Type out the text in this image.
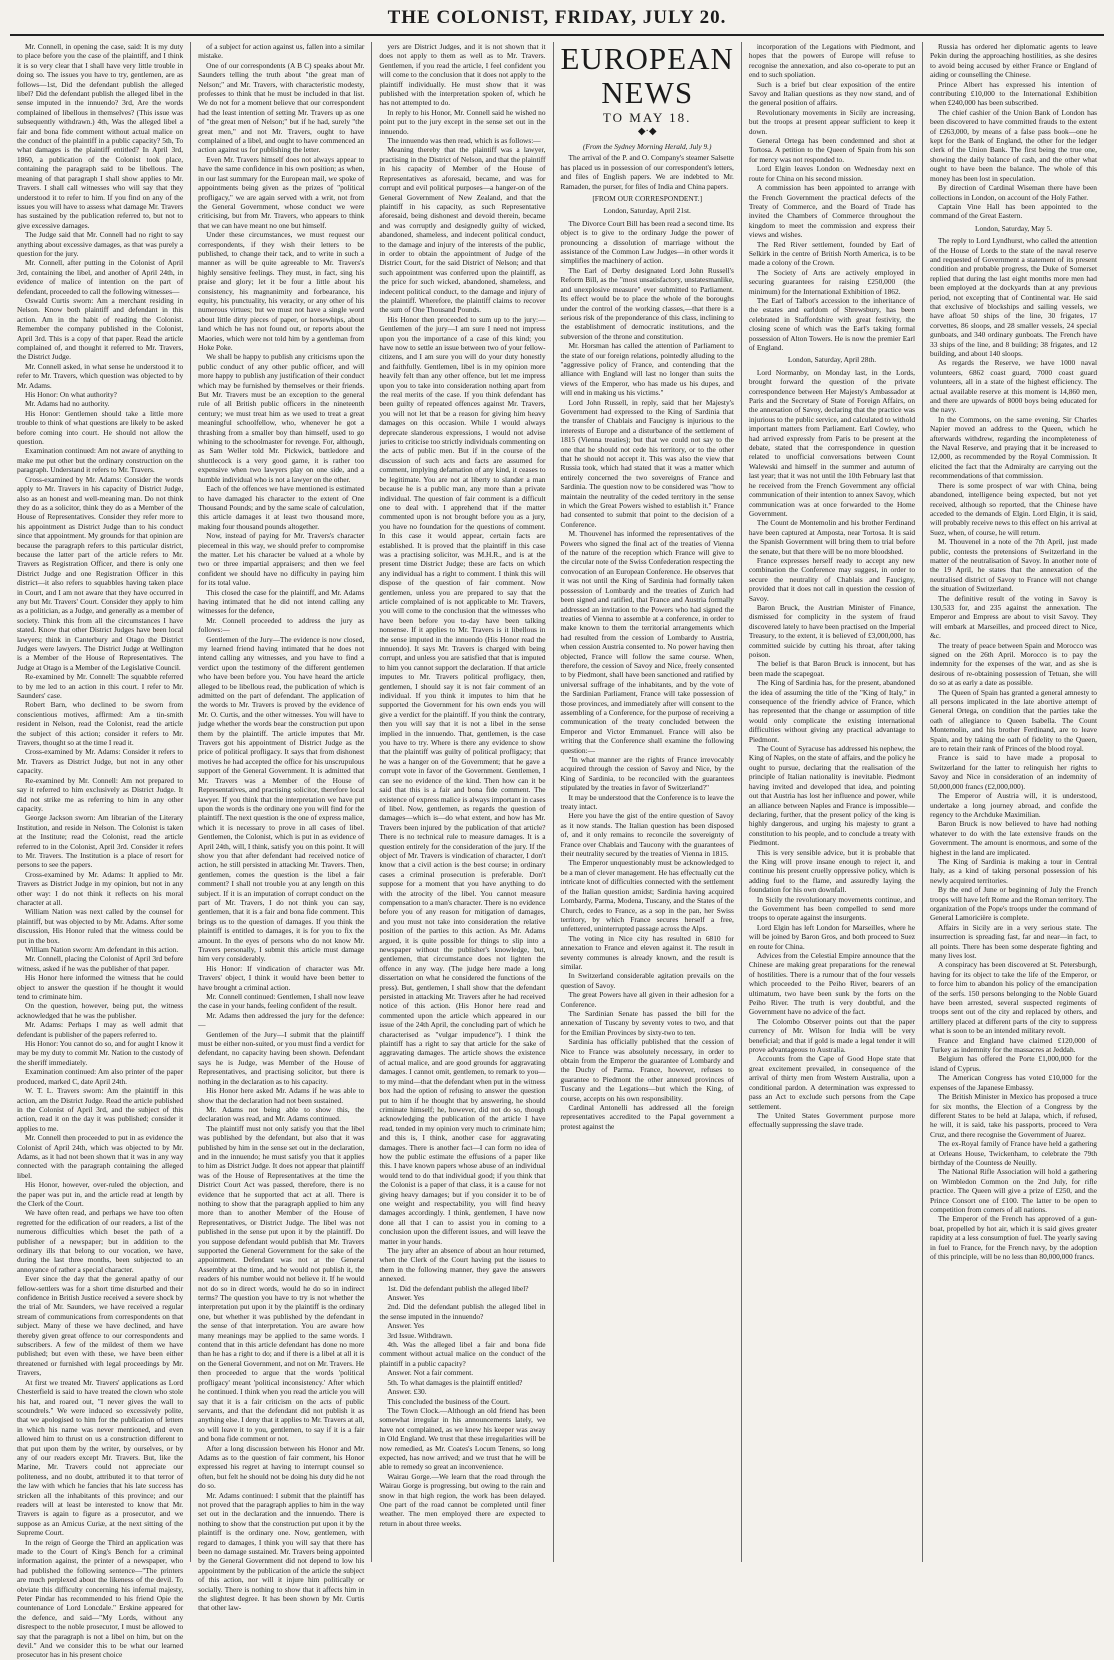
THE COLONIST, FRIDAY, JULY 20.

Mr. Connell, in opening the case, said: It is my duty to place before you the case of the plaintiff, and I think it is so very clear that I shall have very little trouble in doing so. The issues you have to try, gentlemen, are as follows—1st, Did the defendant publish the alleged libel? Did the defendant publish the alleged libel in the sense imputed in the innuendo? 3rd, Are the words complained of libellous in themselves? (This issue was subsequently withdrawn.) 4th, Was the alleged libel a fair and bona fide comment without actual malice on the conduct of the plaintiff in a public capacity? 5th, To what damages is the plaintiff entitled? In April 3rd, 1860, a publication of the Colonist took place, containing the paragraph said to be libellous. The meaning of that paragraph I shall show applies to Mr. Travers. I shall call witnesses who will say that they understood it to refer to him. If you find on any of the issues you will have to assess what damage Mr. Travers has sustained by the publication referred to, but not to give excessive damages.

The Judge said that Mr. Connell had no right to say anything about excessive damages, as that was purely a question for the jury.

Mr. Connell, after putting in the Colonist of April 3rd, containing the libel, and another of April 24th, in evidence of malice of intention on the part of defendant, proceeded to call the following witnesses—

Oswald Curtis sworn: Am a merchant residing in Nelson. Know both plaintiff and defendant in this action. Am in the habit of reading the Colonist. Remember the company published in the Colonist, April 3rd. This is a copy of that paper. Read the article complained of, and thought it referred to Mr. Travers, the District Judge.

Mr. Connell asked, in what sense he understood it to refer to Mr. Travers, which question was objected to by Mr. Adams.

His Honor: On what authority?

Mr. Adams had no authority.

His Honor: Gentlemen should take a little more trouble to think of what questions are likely to be asked before coming into court. He should not allow the question.

Examination continued: Am not aware of anything to make me put other but the ordinary construction on the paragraph. Understand it refers to Mr. Travers.

Cross-examined by Mr. Adams: Consider the words apply to Mr. Travers in his capacity of District Judge, also as an honest and well-meaning man. Do not think they do as a solicitor, think they do as a Member of the House of Representatives. Consider they refer more to his appointment as District Judge than to his conduct since that appointment. My grounds for that opinion are because the paragraph refers to this particular district, because the latter part of the article refers to Mr. Travers as Registration Officer, and there is only one District Judge and one Registration Officer in this district—it also refers to squabbles having taken place in Court, and I am not aware that they have occurred in any but Mr. Travers' Court. Consider they apply to him as a politician, as a Judge, and generally as a member of society. Think this from all the circumstances I have stated. Know that other District Judges have been local lawyers; think in Canterbury and Otago the District Judges were lawyers. The District Judge at Wellington is a Member of the House of Representatives. The Judge at Otago is a Member of the Legislative Council.

Re-examined by Mr. Connell: The squabble referred to by me led to an action in this court. I refer to Mr. Saunders' case.

Robert Barn, who declined to be sworn from conscientious motives, affirmed: Am a tin-smith resident in Nelson, read the Colonist, read the article the subject of this action; consider it refers to Mr. Travers, thought so at the time I read it.

Cross-examined by Mr. Adams: Consider it refers to Mr. Travers as District Judge, but not in any other capacity.

Re-examined by Mr. Connell: Am not prepared to say it referred to him exclusively as District Judge. It did not strike me as referring to him in any other capacity.

George Jackson sworn: Am librarian of the Literary Institution, and reside in Nelson. The Colonist is taken at the Institute; read the Colonist, read the article referred to in the Colonist, April 3rd. Consider it refers to Mr. Travers. The Institution is a place of resort for persons to see the papers.

Cross-examined by Mr. Adams: It applied to Mr. Travers as District Judge in my opinion, but not in any other way: I do not think it reflects on his moral character at all.

William Nation was next called by the counsel for plaintiff, but was objected to by Mr. Adams. After some discussion, His Honor ruled that the witness could be put in the box.

William Nation sworn: Am defendant in this action.

Mr. Connell, placing the Colonist of April 3rd before witness, asked if he was the publisher of that paper.

His Honor here informed the witness that he could object to answer the question if he thought it would tend to criminate him.

On the question, however, being put, the witness acknowledged that he was the publisher.

Mr. Adams: Perhaps I may as well admit that defendant is publisher of the papers referred to.

His Honor: You cannot do so, and for aught I know it may be my duty to commit Mr. Nation to the custody of the sheriff immediately.

Examination continued: Am also printer of the paper produced, marked C, date April 24th.

W. T. L. Travers sworn: Am the plaintiff in this action, am the District Judge. Read the article published in the Colonist of April 3rd, and the subject of this action, read it on the day it was published; consider it applies to me.

Mr. Connell then proceeded to put in as evidence the Colonist of April 24th, which was objected to by Mr. Adams, as it had not been shown that it was in any way connected with the paragraph containing the alleged libel.

His Honor, however, over-ruled the objection, and the paper was put in, and the article read at length by the Clerk of the Court.

We have often read, and perhaps we have too often regretted for the edification of our readers, a list of the numerous difficulties which beset the path of a publisher of a newspaper; but in addition to the ordinary ills that belong to our vocation, we have, during the last three months, been subjected to an annoyance of rather a special character.

Ever since the day that the general apathy of our fellow-settlers was for a short time disturbed and their confidence in British Justice received a severe shock by the trial of Mr. Saunders, we have received a regular stream of communications from correspondents on that subject. Many of these we have declined, and have thereby given great offence to our correspondents and subscribers. A few of the mildest of them we have published; but even with these, we have been either threatened or furnished with legal proceedings by Mr. Travers,

At first we treated Mr. Travers' applications as Lord Chesterfield is said to have treated the clown who stole his hat, and roared out, "I never gives the wall to scoundrels." We were induced so excessively polite, that we apologised to him for the publication of letters in which his name was never mentioned, and even allowed him to thrust on us a construction different to that put upon them by the writer, by ourselves, or by any of our readers except Mr. Travers. But, like the Marine, Mr. Travers could not appreciate our politeness, and no doubt, attributed it to that terror of the law with which he fancies that his late success has stricken all the inhabitants of this province; and our readers will at least be interested to know that Mr. Travers is again to figure as a prosecutor, and we suppose as an Amicus Curiæ, at the next sitting of the Supreme Court.

In the reign of George the Third an application was made to the Court of King's Bench for a criminal information against, the printer of a newspaper, who had published the following sentence—"The printers are much perplexed about the likeness of the devil. To obviate this difficulty concerning his infernal majesty, Peter Pindar has recommended to his friend Opie the countenance of Lord Loncdale." Erskine appeared for the defence, and said—"My Lords, without any disrespect to the noble prosecutor, I must be allowed to say that the paragraph is not a libel on him, but on the devil." And we consider this to be what our learned prosecutor has in his present choice

of a subject for action against us, fallen into a similar mistake.

One of our correspondents (A B C) speaks about Mr. Saunders telling the truth about "the great man of Nelson;" and Mr. Travers, with characteristic modesty, professes to think that he must be included in that list. We do not for a moment believe that our correspondent had the least intention of setting Mr. Travers up as one of "the great men of Nelson;" but if he had, surely "the great men," and not Mr. Travers, ought to have complained of a libel, and ought to have commenced an action against us for publishing the letter.

Even Mr. Travers himself does not always appear to have the same confidence in his own position; as when, in our last summary for the European mail, we spoke of appointments being given as the prizes of "political profligacy," we are again served with a writ, not from the General Government, whose conduct we were criticising, but from Mr. Travers, who appears to think that we can have meant no one but himself.

Under these circumstances, we must request our correspondents, if they wish their letters to be published, to change their tack, and to write in such a manner as will be quite agreeable to Mr. Travers's highly sensitive feelings. They must, in fact, sing his praise and glory; let it be four a little about his consistency, his magnanimity and forbearance, his equity, his punctuality, his veracity, or any other of his numerous virtues; but we must not have a single word about little dirty pieces of paper, or horsewhips, about land which he has not found out, or reports about the Maories, which were not told him by a gentleman from Hoke Poke.

We shall be happy to publish any criticisms upon the public conduct of any other public officer, and will more happy to publish any justification of their conduct which may be furnished by themselves or their friends. But Mr. Travers must be an exception to the general rule of all British public officers in the nineteenth century; we must treat him as we used to treat a great meaningful schoolfellow, who, whenever he got a thrashing from a smaller boy than himself, used to go whining to the schoolmaster for revenge. For, although, as Sam Weller told Mr. Pickwick, battledore and shuttlecock is a very good game, it is rather too expensive when two lawyers play on one side, and a humble individual who is not a lawyer on the other.

Each of the offences we have mentioned is estimated to have damaged his character to the extent of One Thousand Pounds; and by the same scale of calculation, this article damages it at least two thousand more, making four thousand pounds altogether.

Now, instead of paying for Mr. Travers's character piecemeal in this way, we should prefer to compromise the matter. Let his character be valued at a whole by two or three impartial appraisers; and then we feel confident we should have no difficulty in paying him for its total value.

This closed the case for the plaintiff, and Mr. Adams having intimated that he did not intend calling any witnesses for the defence,

Mr. Connell proceeded to address the jury as follows:—

Gentlemen of the Jury—The evidence is now closed, my learned friend having intimated that he does not intend calling any witnesses, and you have to find a verdict upon the testimony of the different gentlemen who have been before you. You have heard the article alleged to be libellous read, the publication of which is admitted on the part of defendant. The application of the words to Mr. Travers is proved by the evidence of Mr. O. Curtis, and the other witnesses. You will have to judge whether the words bear the construction put upon them by the plaintiff. The article imputes that Mr. Travers got his appointment of District Judge as the price of political profligacy. It says that from dishonest motives he had accepted the office for his unscrupulous support of the General Government. It is admitted that Mr. Travers was a Member of the House of Representatives, and practising solicitor, therefore local lawyer. If you think that the interpretation we have put upon the words is the ordinary one you will find for the plaintiff. The next question is the one of express malice, which it is necessary to prove in all cases of libel. Gentlemen, the Colonist, which is put in as evidence of April 24th, will, I think, satisfy you on this point. It will show you that after defendant had received notice of action, he still persisted in attacking Mr. Travers. Then, gentlemen, comes the question is the libel a fair comment? I shall not trouble you at any length on this subject. If it is an imputation of corrupt conduct on the part of Mr. Travers, I do not think you can say, gentlemen, that it is a fair and bona fide comment. This brings us to the question of damages. If you think the plaintiff is entitled to damages, it is for you to fix the amount. In the eyes of persons who do not know Mr. Travers personally, I submit this article must damage him very considerably.

His Honor: If vindication of character was Mr. Travers' object, I think it would have been better to have brought a criminal action.

Mr. Connell continued: Gentlemen, I shall now leave the case in your hands, feeling confident of the result.

Mr. Adams then addressed the jury for the defence:—

Gentlemen of the Jury—I submit that the plaintiff must be either non-suited, or you must find a verdict for defendant, no capacity having been shown. Defendant says he is Judge, was Member of the House of Representatives, and practising solicitor, but there is nothing in the declaration as to his capacity.

His Honor here asked Mr. Adams if he was able to show that the declaration had not been sustained.

Mr. Adams not being able to show this, the declaration was read, and Mr. Adams continued.

The plaintiff must not only satisfy you that the libel was published by the defendant, but also that it was published by him in the sense set out in the declaration, and in the innuendo; he must satisfy you that it applies to him as District Judge. It does not appear that plaintiff was of the House of Representatives at the time the District Court Act was passed, therefore, there is no evidence that he supported that act at all. There is nothing to show that the paragraph applied to him any more than to another Member of the House of Representatives, or District Judge. The libel was not published in the sense put upon it by the plaintiff. Do you suppose defendant would publish that Mr. Travers supported the General Government for the sake of the appointment. Defendant was not at the General Assembly at the time, and he would not publish it, the readers of his number would not believe it. If he would not do so in direct words, would he do so in indirect terms? The question you have to try is not whether the interpretation put upon it by the plaintiff is the ordinary one, but whether it was published by the defendant in the sense of that interpretation. You are aware how many meanings may be applied to the same words. I contend that in this article defendant has done no more than he has a right to do; and if there is a libel at all it is on the General Government, and not on Mr. Travers. He then proceeded to argue that the words 'political profligacy' meant 'political inconsistency.' After which he continued. I think when you read the article you will say that it is a fair criticism on the acts of public servants, and that the defendant did not publish it as anything else. I deny that it applies to Mr. Travers at all, so will leave it to you, gentlemen, to say if it is a fair and bona fide comment or not.

After a long discussion between his Honor and Mr. Adams as to the question of fair comment, his Honor expressed his regret at having to interrupt counsel so often, but felt he should not be doing his duty did he not do so.

Mr. Adams continued: I submit that the plaintiff has not proved that the paragraph applies to him in the way set out in the declaration and the innuendo. There is nothing to show that the construction put upon it by the plaintiff is the ordinary one. Now, gentlemen, with regard to damages, I think you will say that there has been no damage sustained. Mr. Travers being appointed by the General Government did not depend to low his appointment by the publication of the article the subject of this action, nor will it injure him politically or socially. There is nothing to show that it affects him in the slightest degree. It has been shown by Mr. Curtis that other law-

yers are District Judges, and it is not shown that it does not apply to them as well as to Mr. Travers. Gentlemen, if you read the article, I feel confident you will come to the conclusion that it does not apply to the plaintiff individually. He must show that it was published with the interpretation spoken of, which he has not attempted to do.

In reply to his Honor, Mr. Connell said he wished no point put to the jury except in the sense set out in the innuendo.

The innuendo was then read, which is as follows:—

Meaning thereby that the plaintiff was a lawyer, practising in the District of Nelson, and that the plaintiff in his capacity of Member of the House of Representatives as aforesaid, became, and was for corrupt and evil political purposes—a hanger-on of the General Government of New Zealand, and that the plaintiff in his capacity, as such Representative aforesaid, being dishonest and devoid therein, became and was corruptly and designedly guilty of wicked, abandoned, shameless, and indecent political conduct, to the damage and injury of the interests of the public, in order to obtain the appointment of Judge of the District Court, for the said District of Nelson; and that such appointment was conferred upon the plaintiff, as the price for such wicked, abandoned, shameless, and indecent political conduct, to the damage and injury of the plaintiff. Wherefore, the plaintiff claims to recover the sum of One Thousand Pounds.

His Honor then proceeded to sum up to the jury:—Gentlemen of the jury—I am sure I need not impress upon you the importance of a case of this kind; you have now to settle an issue between two of your fellow-citizens, and I am sure you will do your duty honestly and faithfully. Gentlemen, libel is in my opinion more heavily felt than any other offence, but let me impress upon you to take into consideration nothing apart from the real merits of the case. If you think defendant has been guilty of repeated offences against Mr. Travers, you will not let that be a reason for giving him heavy damages on this occasion. While I would always deprecate slanderous expressions, I would not advise juries to criticise too strictly individuals commenting on the acts of public men. But if in the course of the discussion of such acts and facts are assumed for comment, implying defamation of any kind, it ceases to be legitimate. You are not at liberty to slander a man because he is a public man, any more than a private individual. The question of fair comment is a difficult one to deal with. I apprehend that if the matter commented upon is not brought before you as a jury, you have no foundation for the questions of comment. In this case it would appear, certain facts are established. It is proved that the plaintiff in this case was a practising solicitor, was M.H.R., and is at the present time District Judge; these are facts on which any individual has a right to comment. I think this will dispose of the question of fair comment. Now gentlemen, unless you are prepared to say that the article complained of is not applicable to Mr. Travers, you will come to the conclusion that the witnesses who have been before you to-day have been talking nonsense. If it applies to Mr. Travers is it libellous in the sense imputed in the innuendo (His Honor read the innuendo). It says Mr. Travers is charged with being corrupt, and unless you are satisfied that that is imputed to him you cannot support the declaration. If that article imputes to Mr. Travers political profligacy, then, gentlemen, I should say it is not fair comment of an individual. If you think it imputes to him that he supported the Government for his own ends you will give a verdict for the plaintiff. If you think the contrary, then you will say that it is not a libel in the sense implied in the innuendo. That, gentlemen, is the case you have to try. Where is there any evidence to show that the plaintiff was guilty of political profligacy; that he was a hanger on of the Government; that he gave a corrupt vote in favor of the Government. Gentlemen, I can see no evidence of the kind. Then how can it be said that this is a fair and bona fide comment. The existence of express malice is always important in cases of libel. Now, gentlemen, as regards the question of damages—which is—do what extent, and how has Mr. Travers been injured by the publication of that article? There is no technical rule to measure damages. It is a question entirely for the consideration of the jury. If the object of Mr. Travers is vindication of character, I don't know that a civil action is the best course; in ordinary cases a criminal prosecution is preferable. Don't suppose for a moment that you have anything to do with the atrocity of the libel. You cannot measure compensation to a man's character. There is no evidence before you of any reason for mitigation of damages, and you must not take into consideration the relative position of the parties to this action. As Mr. Adams argued, it is quite possible for things to slip into a newspaper without the publisher's knowledge, but, gentlemen, that circumstance does not lighten the offence in any way. (The judge here made a long dissertation on what he considered the functions of the press). But, gentlemen, I shall show that the defendant persisted in attacking Mr. Travers after he had received notice of this action. (His Honor here read and commented upon the article which appeared in our issue of the 24th April, the concluding part of which he characterised as "vulgar impudence"). I think the plaintiff has a right to say that article for the sake of aggravating damages. The article shows the existence of actual malice, and are good grounds for aggravating damages. I cannot omit, gentlemen, to remark to you—to my mind—that the defendant when put in the witness box had the option of refusing to answer the question put to him if he thought that by answering, he should criminate himself; he, however, did not do so, though acknowledging the publication of the article I have read, tended in my opinion very much to criminate him; and this is, I think, another case for aggravating damages. There is another fact—I can form no idea of how the public estimate the effusions of a paper like this. I have known papers whose abuse of an individual would tend to do that individual good; if you think that the Colonist is a paper of that class, it is a cause for not giving heavy damages; but if you consider it to be of one weight and respectability, you will find heavy damages accordingly. I think, gentlemen, I have now done all that I can to assist you in coming to a conclusion upon the different issues, and will leave the matter in your hands.

The jury after an absence of about an hour returned, when the Clerk of the Court having put the issues to them in the following manner, they gave the answers annexed.

1st. Did the defendant publish the alleged libel?

Answer. Yes

2nd. Did the defendant publish the alleged libel in the sense imputed in the innuendo?

Answer. Yes

3rd Issue. Withdrawn.

4th. Was the alleged libel a fair and bona fide comment without actual malice on the conduct of the plaintiff in a public capacity?

Answer. Not a fair comment.

5th. To what damages is the plaintiff entitled?

Answer. £30.

This concluded the business of the Court.

The Town Clock.—Although an old friend has been somewhat irregular in his announcements lately, we have not complained, as we knew his keeper was away in Old England. We trust that these irregularities will be now remedied, as Mr. Coates's Locum Tenens, so long expected, has now arrived; and we trust that he will be able to remedy so great an inconvenience.

Wairau Gorge.—We learn that the road through the Wairau Gorge is progressing, but owing to the rain and snow in that high region, the work has been delayed. One part of the road cannot be completed until finer weather. The men employed there are expected to return in about three weeks.

EUROPEAN NEWS
TO MAY 18.
◆·◆

(From the Sydney Morning Herald, July 9.)

The arrival of the P. and O. Company's steamer Salsette has placed us in possession of our correspondent's letters, and files of English papers. We are indebted to Mr. Ramaden, the purser, for files of India and China papers.

[FROM OUR CORRESPONDENT.]

London, Saturday, April 21st.

The Divorce Court Bill has been read a second time. Its object is to give to the ordinary Judge the power of pronouncing a dissolution of marriage without the assistance of the Common Law Judges—in other words it simplifies the machinery of action.

The Earl of Derby designated Lord John Russell's Reform Bill, as the "most unsatisfactory, unstatesmanlike, and unexplosive measure" ever submitted to Parliament. Its effect would be to place the whole of the boroughs under the control of the working classes,—that there is a serious risk of the preponderance of this class, inclining to the establishment of democratic institutions, and the subversion of the throne and constitution.

Mr. Horsman has called the attention of Parliament to the state of our foreign relations, pointedly alluding to the "aggressive policy of France, and contending that the alliance with England will last no longer than suits the views of the Emperor, who has made us his dupes, and will end in making us his victims."

Lord John Russell, in reply, said that her Majesty's Government had expressed to the King of Sardinia that the transfer of Chablais and Faucigny is injurious to the interests of Europe and a disturbance of the settlement of 1815 (Vienna treaties); but that we could not say to the one that he should not cede his territory, or to the other that he should not accept it. This was also the view that Russia took, which had stated that it was a matter which entirely concerned the two sovereigns of France and Sardinia. The question now to be considered was "how to maintain the neutrality of the ceded territory in the sense in which the Great Powers wished to establish it." France had consented to submit that point to the decision of a Conference.

M. Thouvenel has informed the representatives of the Powers who signed the final act of the treaties of Vienna of the nature of the reception which France will give to the circular note of the Swiss Confederation respecting the convocation of an European Conference. He observes that it was not until the King of Sardinia had formally taken possession of Lombardy and the treaties of Zurich had been signed and ratified, that France and Austria formally addressed an invitation to the Powers who had signed the treaties of Vienna to assemble at a conference, in order to make known to them the territorial arrangements which had resulted from the cession of Lombardy to Austria, when cession Austria consented to. No power having then objected, France will follow the same course. When, therefore, the cession of Savoy and Nice, freely consented to by Piedmont, shall have been sanctioned and ratified by universal suffrage of the inhabitants, and by the vote of the Sardinian Parliament, France will take possession of those provinces, and immediately after will consent to the assembling of a Conference, for the purpose of receiving a communication of the treaty concluded between the Emperor and Victor Emmanuel. France will also be writing that the Conference shall examine the following question:—

"In what manner are the rights of France irrevocably acquired through the cession of Savoy and Nice, by the King of Sardinia, to be reconciled with the guarantees stipulated by the treaties in favor of Switzerland?"

It may be understood that the Conference is to leave the treaty intact.

Here you have the gist of the entire question of Savoy as it now stands. The Italian question has been disposed of, and it only remains to reconcile the sovereignty of France over Chablais and Taucony with the guarantees of their neutrality secured by the treaties of Vienna in 1815.

The Emperor unquestionably must be acknowledged to be a man of clever management. He has effectually cut the intricate knot of difficulties connected with the settlement of the Italian question amidst; Sardinia having acquired Lombardy, Parma, Modena, Tuscany, and the States of the Church, cedes to France, as a sop in the pan, her Swiss territory, by which France secures herself a free, unfettered, uninterrupted passage across the Alps.

The voting in Nice city has resulted in 6810 for annexation to France and eleven against it. The result in seventy communes is already known, and the result is similar.

In Switzerland considerable agitation prevails on the question of Savoy.

The great Powers have all given in their adhesion for a Conference.

The Sardinian Senate has passed the bill for the annexation of Tuscany by seventy votes to two, and that for the Emilian Provinces by sixty-two to ten.

Sardinia has officially published that the cession of Nice to France was absolutely necessary, in order to obtain from the Emperor the guarantee of Lombardy and the Duchy of Parma. France, however, refuses to guarantee to Piedmont the other annexed provinces of Tuscany and the Legations—but which the King, of course, accepts on his own responsibility.

Cardinal Antonelli has addressed all the foreign representatives accredited to the Papal government a protest against the

incorporation of the Legations with Piedmont, and hopes that the powers of Europe will refuse to recognise the annexation, and also co-operate to put an end to such spoliation.

Such is a brief but clear exposition of the entire Savoy and Italian questions as they now stand, and of the general position of affairs.

Revolutionary movements in Sicily are increasing, but the troops at present appear sufficient to keep it down.

General Ortega has been condemned and shot at Tortosa. A petition to the Queen of Spain from his son for mercy was not responded to.

Lord Elgin leaves London on Wednesday next en route for China on his second mission.

A commission has been appointed to arrange with the French Government the practical defects of the Treaty of Commerce, and the Board of Trade has invited the Chambers of Commerce throughout the kingdom to meet the commission and express their views and wishes.

The Red River settlement, founded by Earl of Selkirk in the centre of British North America, is to be made a colony of the Crown.

The Society of Arts are actively employed in securing guarantees for raising £250,000 (the minimum) for the International Exhibition of 1862.

The Earl of Talbot's accession to the inheritance of the estates and earldom of Shrewsbury, has been celebrated in Staffordshire with great festivity, the closing scene of which was the Earl's taking formal possession of Alton Towers. He is now the premier Earl of England.

London, Saturday, April 28th.

Lord Normanby, on Monday last, in the Lords, brought forward the question of the private correspondence between Her Majesty's Ambassador at Paris and the Secretary of State of Foreign Affairs, on the annexation of Savoy, declaring that the practice was injurious to the public service, and calculated to withold important matters from Parliament. Earl Cowley, who had arrived expressly from Paris to be present at the debate, stated that the correspondence in question related to unofficial conversations between Count Walewski and himself in the summer and autumn of last year; that it was not until the 10th February last that he received from the French Government any official communication of their intention to annex Savoy, which communication was at once forwarded to the Home Government.

The Count de Montemolin and his brother Ferdinand have been captured at Amposta, near Tortosa. It is said the Spanish Government will bring them to trial before the senate, but that there will be no more bloodshed.

France expresses herself ready to accept any new combination the Conference may suggest, in order to secure the neutrality of Chablais and Faucigny, provided that it does not call in question the cession of Savoy.

Baron Bruck, the Austrian Minister of Finance, dismissed for complicity in the system of fraud discovered lately to have been practised on the Imperial Treasury, to the extent, it is believed of £3,000,000, has committed suicide by cutting his throat, after taking poison.

The belief is that Baron Bruck is innocent, but has been made the scapegoat.

The King of Sardinia has, for the present, abandoned the idea of assuming the title of the "King of Italy," in consequence of the friendly advice of France, which has represented that the change or assumption of title would only complicate the existing international difficulties without giving any practical advantage to Piedmont.

The Count of Syracuse has addressed his nephew, the King of Naples, on the state of affairs, and the policy he ought to pursue, declaring that the realisation of the principle of Italian nationality is inevitable. Piedmont having invited and developed that idea, and pointing out that Austria has lost her influence and power, while an alliance between Naples and France is impossible—declaring, further, that the present policy of the king is highly dangerous, and urging his majesty to grant a constitution to his people, and to conclude a treaty with Piedmont.

This is very sensible advice, but it is probable that the King will prove insane enough to reject it, and continue his present cruelly oppressive policy, which is adding fuel to the flame, and assuredly laying the foundation for his own downfall.

In Sicily the revolutionary movements continue, and the Government has been compelled to send more troops to operate against the insurgents.

Lord Elgin has left London for Marseilles, where he will be joined by Baron Gros, and both proceed to Suez en route for China.

Advices from the Celestial Empire announce that the Chinese are making great preparations for the renewal of hostilities. There is a rumour that of the four vessels which proceeded to the Peiho River, bearers of an ultimatum, two have been sunk by the forts on the Peiho River. The truth is very doubtful, and the Government have no advice of the fact.

The Colombo Observer points out that the paper currency of Mr. Wilson for India will be very beneficial; and that if gold is made a legal tender it will prove advantageous to Australia.

Accounts from the Cape of Good Hope state that great excitement prevailed, in consequence of the arrival of thirty men from Western Australia, upon a conditional pardon. A determination was expressed to pass an Act to exclude such persons from the Cape settlement.

The United States Government purpose more effectually suppressing the slave trade.

Russia has ordered her diplomatic agents to leave Pekin during the approaching hostilities, as she desires to avoid being accused by either France or England of aiding or counselling the Chinese.

Prince Albert has expressed his intention of contributing £10,000 to the International Exhibition when £240,000 has been subscribed.

The chief cashier of the Union Bank of London has been discovered to have committed frauds to the extent of £263,000, by means of a false pass book—one he kept for the Bank of England, the other for the ledger clerk of the Union Bank. The first being the true one, showing the daily balance of cash, and the other what ought to have been the balance. The whole of this money has been lost in speculation.

By direction of Cardinal Wiseman there have been collections in London, on account of the Holy Father.

Captain Vine Hall has been appointed to the command of the Great Eastern.

London, Saturday, May 5.

The reply to Lord Lyndhurst, who called the attention of the House of Lords to the state of the naval reserve and requested of Government a statement of its present condition and probable progress, the Duke of Somerset replied that during the last eight months more men had been employed at the dockyards than at any previous period, not excepting that of Continental war. He said that exclusive of blockships and sailing vessels, we have afloat 50 ships of the line, 30 frigates, 17 corvettes, 86 sloops, and 28 smaller vessels, 24 special gunboats, and 340 ordinary gunboats. The French have 33 ships of the line, and 8 building; 38 frigates, and 12 building, and about 140 sloops.

As regards the Reserve, we have 1000 naval volunteers, 6862 coast guard, 7000 coast guard volunteers, all in a state of the highest efficiency. The actual available reserve at this moment is 14,860 men, and there are upwards of 8000 boys being educated for the navy.

In the Commons, on the same evening, Sir Charles Napier moved an address to the Queen, which he afterwards withdrew, regarding the incompleteness of the Naval Reserve, and praying that it be increased to 12,000, as recommended by the Royal Commission. It elicited the fact that the Admiralty are carrying out the recommendations of that commission.

There is some prospect of war with China, being abandoned, intelligence being expected, but not yet received, although so reported, that the Chinese have acceded to the demands of Elgin. Lord Elgin, it is said, will probably receive news to this effect on his arrival at Suez, when, of course, he will return.

M. Thouvenel in a note of the 7th April, just made public, contests the pretensions of Switzerland in the matter of the neutralisation of Savoy. In another note of the 19 April, he states that the annexation of the neutralised district of Savoy to France will not change the situation of Switzerland.

The definitive result of the voting in Savoy is 130,533 for, and 235 against the annexation. The Emperor and Empress are about to visit Savoy. They will embark at Marseilles, and proceed direct to Nice, &c.

The treaty of peace between Spain and Morocco was signed on the 26th April. Morocco is to pay the indemnity for the expenses of the war, and as she is desirous of re-obtaining possession of Tetuan, she will do so at as early a date as possible.

The Queen of Spain has granted a general amnesty to all persons implicated in the late abortive attempt of General Ortega, on condition that the parties take the oath of allegiance to Queen Isabella. The Count Montemolin, and his brother Ferdinand, are to leave Spain, and by taking the oath of fidelity to the Queen, are to retain their rank of Princes of the blood royal.

France is said to have made a proposal to Switzerland for the latter to relinquish her rights to Savoy and Nice in consideration of an indemnity of 50,000,000 francs (£2,000,000).

The Emperor of Austria will, it is understood, undertake a long journey abroad, and confide the regency to the Archduke Maximilian.

Baron Bruck is now believed to have had nothing whatever to do with the late extensive frauds on the Government. The amount is enormous, and some of the highest in the land are implicated.

The King of Sardinia is making a tour in Central Italy, as a kind of taking personal possession of his newly acquired territories.

By the end of June or beginning of July the French troops will have left Rome and the Roman territory. The organization of the Pope's troops under the command of General Lamoricière is complete.

Affairs in Sicily are in a very serious state. The insurrection is spreading fast, far and near—in fact, to all points. There has been some desperate fighting and many lives lost.

A conspiracy has been discovered at St. Petersburgh, having for its object to take the life of the Emperor, or to force him to abandon his policy of the emancipation of the serfs. 150 persons belonging to the Noble Guard have been arrested, several suspected regiments of troops sent out of the city and replaced by others, and artillery placed at different parts of the city to suppress what is soon to be an intended military revolt.

France and England have claimed £120,000 of Turkey as indemnity for the massacres at Jeddah.

Belgium has offered the Porte £1,000,000 for the island of Cyprus.

The American Congress has voted £10,000 for the expenses of the Japanese Embassy.

The British Minister in Mexico has proposed a truce for six months, the Election of a Congress by the different States to be held at Jalapa, which, if refused, he will, it is said, take his passports, proceed to Vera Cruz, and there recognise the Government of Juarez.

The ex-Royal family of France have held a gathering at Orleans House, Twickenham, to celebrate the 79th birthday of the Countess de Neuilly.

The National Rifle Association will hold a gathering on Wimbledon Common on the 2nd July, for rifle practice. The Queen will give a prize of £250, and the Prince Consort one of £100. The latter to be open to competition from comers of all nations.

The Emperor of the French has approved of a gun-boat, propelled by hot air, which it is said gives greater rapidity at a less consumption of fuel. The yearly saving in fuel to France, for the French navy, by the adoption of this principle, will be no less than 80,000,000 francs.
